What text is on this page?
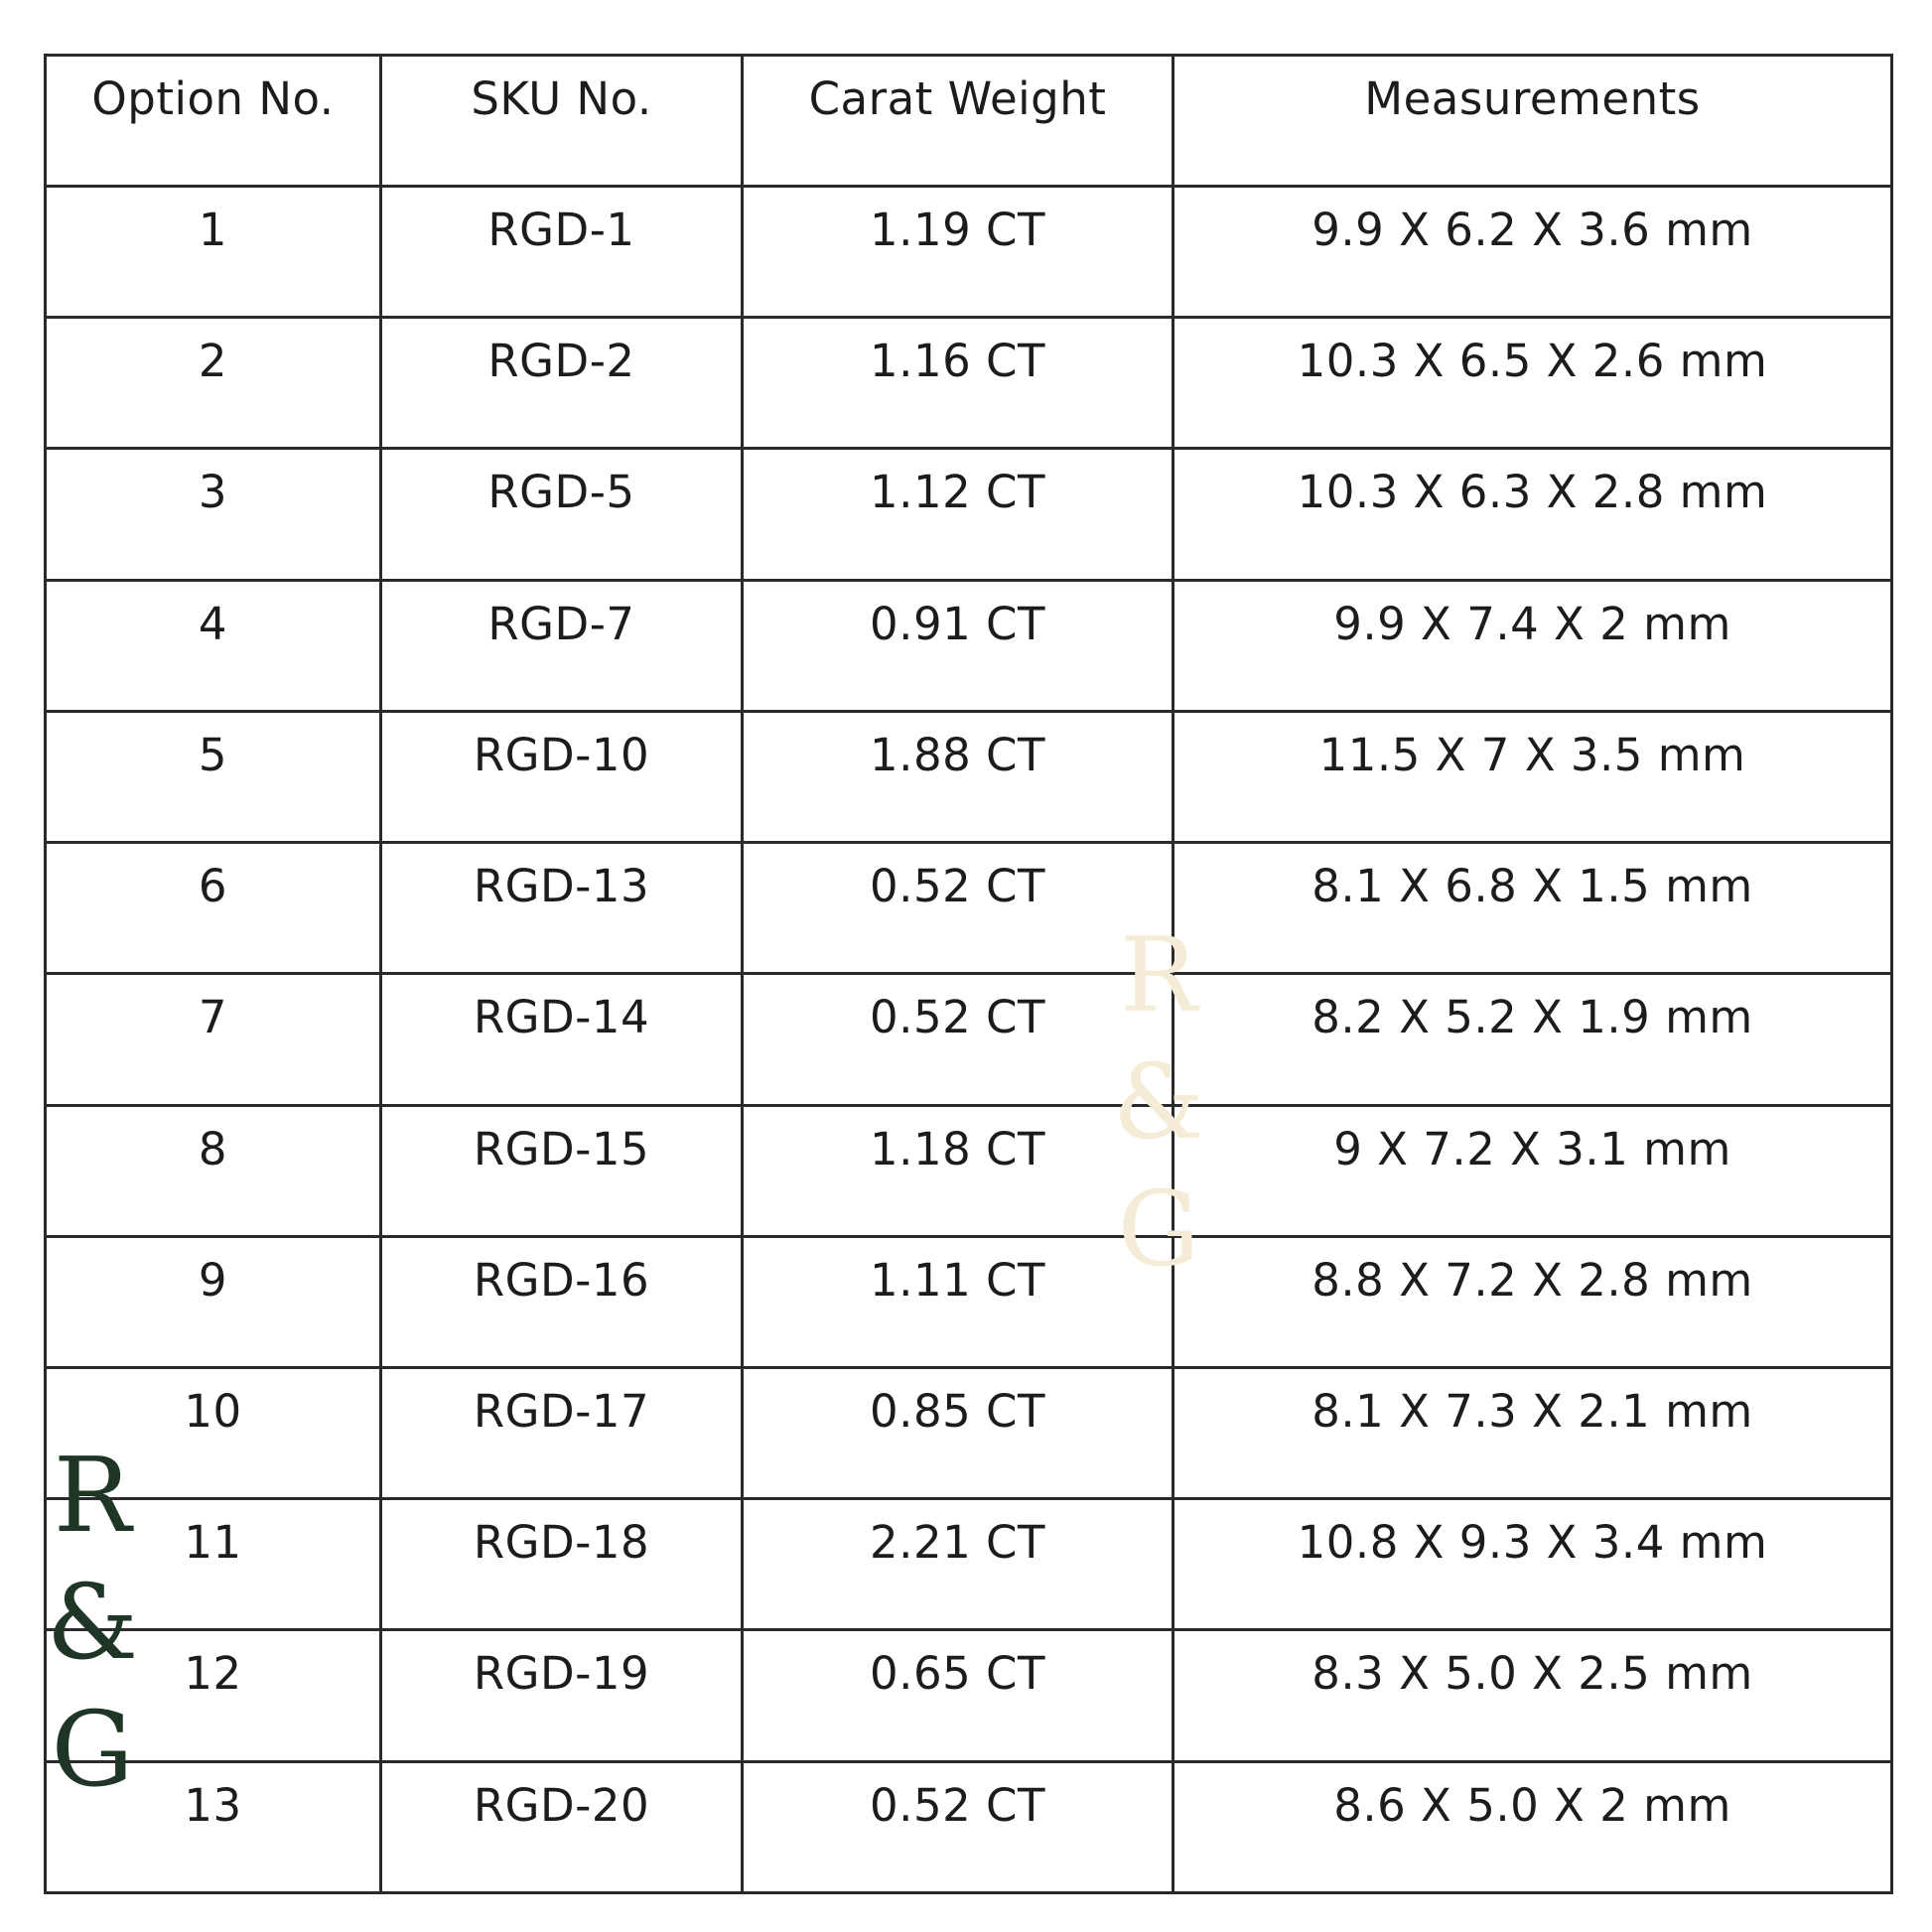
Option No.	SKU No.	Carat Weight	Measurements
1	RGD-1	1.19 CT	9.9 X 6.2 X 3.6 mm
2	RGD-2	1.16 CT	10.3 X 6.5 X 2.6 mm
3	RGD-5	1.12 CT	10.3 X 6.3 X 2.8 mm
4	RGD-7	0.91 CT	9.9 X 7.4 X 2 mm
5	RGD-10	1.88 CT	11.5 X 7 X 3.5 mm
6	RGD-13	0.52 CT	8.1 X 6.8 X 1.5 mm
7	RGD-14	0.52 CT	8.2 X 5.2 X 1.9 mm
8	RGD-15	1.18 CT	9 X 7.2 X 3.1 mm
9	RGD-16	1.11 CT	8.8 X 7.2 X 2.8 mm
10	RGD-17	0.85 CT	8.1 X 7.3 X 2.1 mm
11	RGD-18	2.21 CT	10.8 X 9.3 X 3.4 mm
12	RGD-19	0.65 CT	8.3 X 5.0 X 2.5 mm
13	RGD-20	0.52 CT	8.6 X 5.0 X 2 mm
R
&
G
R
&
G
